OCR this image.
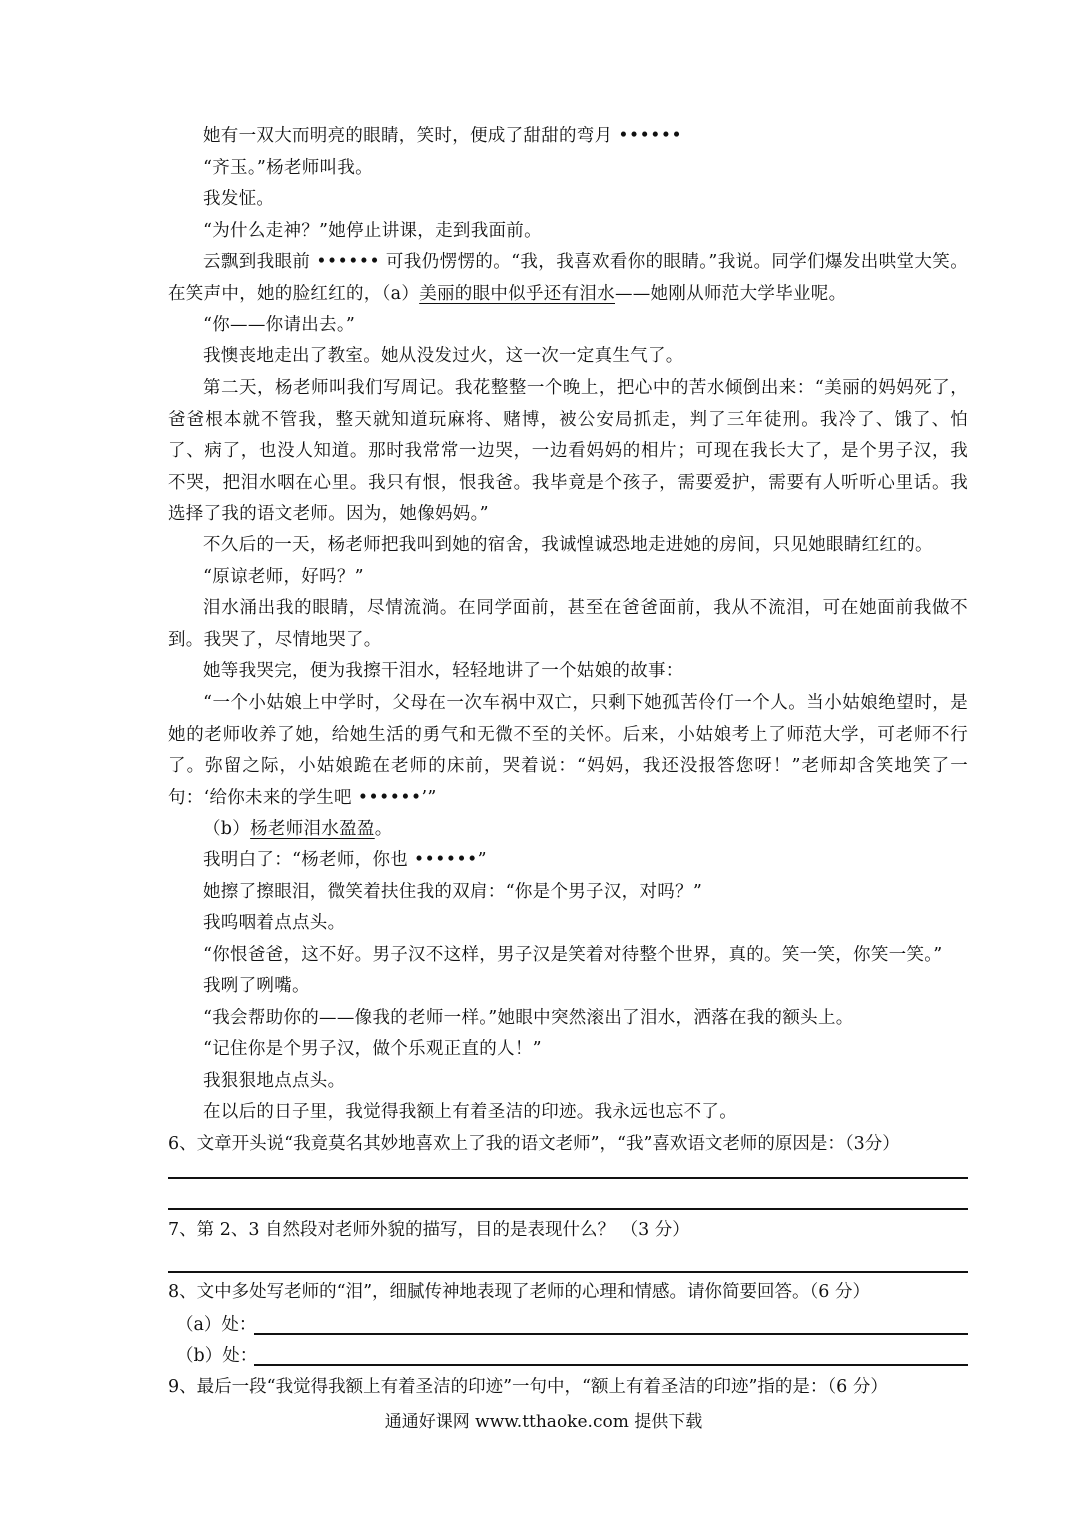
她有一双大而明亮的眼睛，笑时，便成了甜甜的弯月 ••••••

“齐玉。”杨老师叫我。

我发怔。

“为什么走神？”她停止讲课，走到我面前。

云飘到我眼前 •••••• 可我仍愣愣的。“我，我喜欢看你的眼睛。”我说。同学们爆发出哄堂大笑。在笑声中，她的脸红红的，（a）美丽的眼中似乎还有泪水——她刚从师范大学毕业呢。

“你——你请出去。”

我懊丧地走出了教室。她从没发过火，这一次一定真生气了。

第二天，杨老师叫我们写周记。我花整整一个晚上，把心中的苦水倾倒出来：“美丽的妈妈死了，爸爸根本就不管我，整天就知道玩麻将、赌博，被公安局抓走，判了三年徒刑。我冷了、饿了、怕了、病了，也没人知道。那时我常常一边哭，一边看妈妈的相片；可现在我长大了，是个男子汉，我不哭，把泪水咽在心里。我只有恨，恨我爸。我毕竟是个孩子，需要爱护，需要有人听听心里话。我选择了我的语文老师。因为，她像妈妈。”

不久后的一天，杨老师把我叫到她的宿舍，我诚惶诚恐地走进她的房间，只见她眼睛红红的。

“原谅老师，好吗？”

泪水涌出我的眼睛，尽情流淌。在同学面前，甚至在爸爸面前，我从不流泪，可在她面前我做不到。我哭了，尽情地哭了。

她等我哭完，便为我擦干泪水，轻轻地讲了一个姑娘的故事：

“一个小姑娘上中学时，父母在一次车祸中双亡，只剩下她孤苦伶仃一个人。当小姑娘绝望时，是她的老师收养了她，给她生活的勇气和无微不至的关怀。后来，小姑娘考上了师范大学，可老师不行了。弥留之际，小姑娘跪在老师的床前，哭着说：“妈妈，我还没报答您呀！”老师却含笑地笑了一句：‘给你未来的学生吧 ••••••’”

（b）杨老师泪水盈盈。

我明白了：“杨老师，你也 ••••••”

她擦了擦眼泪，微笑着扶住我的双肩：“你是个男子汉，对吗？”

我呜咽着点点头。

“你恨爸爸，这不好。男子汉不这样，男子汉是笑着对待整个世界，真的。笑一笑，你笑一笑。”

我咧了咧嘴。

“我会帮助你的——像我的老师一样。”她眼中突然滚出了泪水，洒落在我的额头上。

“记住你是个男子汉，做个乐观正直的人！”

我狠狠地点点头。

在以后的日子里，我觉得我额上有着圣洁的印迹。我永远也忘不了。

6、文章开头说“我竟莫名其妙地喜欢上了我的语文老师”，“我”喜欢语文老师的原因是：（3分）

7、第 2、3 自然段对老师外貌的描写，目的是表现什么？ （3 分）

8、文中多处写老师的“泪”，细腻传神地表现了老师的心理和情感。请你简要回答。（6 分）

（a）处：
（b）处：

9、最后一段“我觉得我额上有着圣洁的印迹”一句中，“额上有着圣洁的印迹”指的是：（6 分）

通通好课网 www.tthaoke.com 提供下载
